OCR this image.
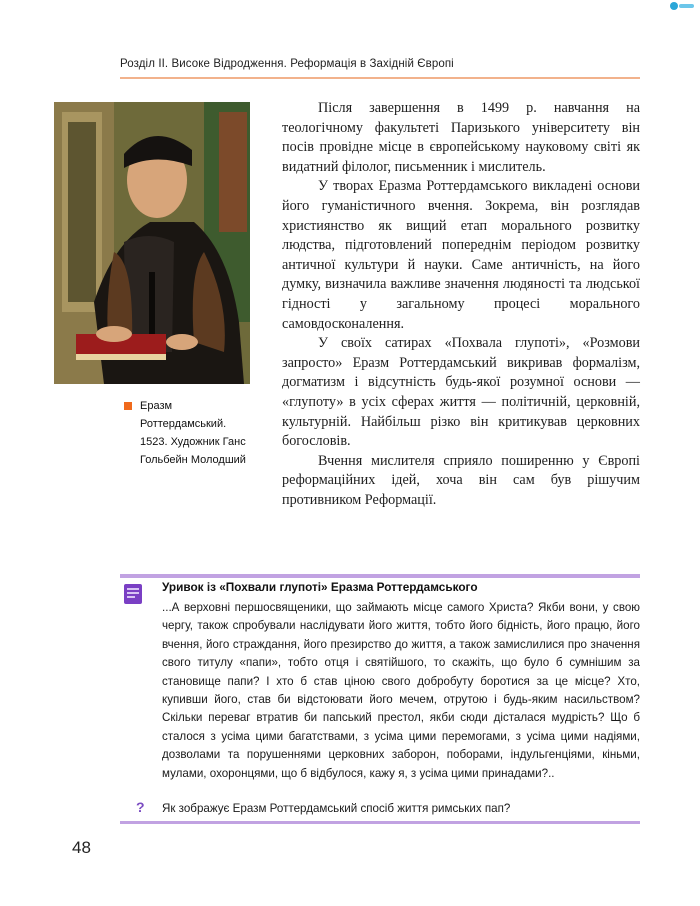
Розділ ІІ. Високе Відродження. Реформація в Західній Європі
Еразм Роттердамський. 1523. Художник Ганс Гольбейн Молодший

Після завершення в 1499 р. навчання на теологічному факультеті Паризького університету він посів провідне місце в європейському науковому світі як видатний філолог, письменник і мислитель.

У творах Еразма Роттердамського викладені основи його гуманістичного вчення. Зокрема, він розглядав християнство як вищий етап морального розвитку людства, підготовлений попереднім періодом розвитку античної культури й науки. Саме античність, на його думку, визначила важливе значення людяності та людської гідності у загальному процесі морального самовдосконалення.

У своїх сатирах «Похвала глупоті», «Розмови запросто» Еразм Роттердамський викривав формалізм, догматизм і відсутність будь-якої розумної основи — «глупоту» в усіх сферах життя — політичній, церковній, культурній. Найбільш різко він критикував церковних богословів.

Вчення мислителя сприяло поширенню у Європі реформаційних ідей, хоча він сам був рішучим противником Реформації.

Уривок із «Похвали глупоті» Еразма Роттердамського
...А верховні першосвященики, що займають місце самого Христа? Якби вони, у свою чергу, також спробували наслідувати його життя, тобто його бідність, його працю, його вчення, його страждання, його презирство до життя, а також замислилися про значення свого титулу «папи», тобто отця і святійшого, то скажіть, що було б сумнішим за становище папи? І хто б став ціною свого добробуту боротися за це місце? Хто, купивши його, став би відстоювати його мечем, отрутою і будь-яким насильством? Скільки переваг втратив би папський престол, якби сюди дісталася мудрість? Що б сталося з усіма цими багатствами, з усіма цими перемогами, з усіма цими надіями, дозволами та порушеннями церковних заборон, поборами, індульгенціями, кіньми, мулами, охоронцями, що б відбулося, кажу я, з усіма цими принадами?..
? Як зображує Еразм Роттердамський спосіб життя римських пап?
48
